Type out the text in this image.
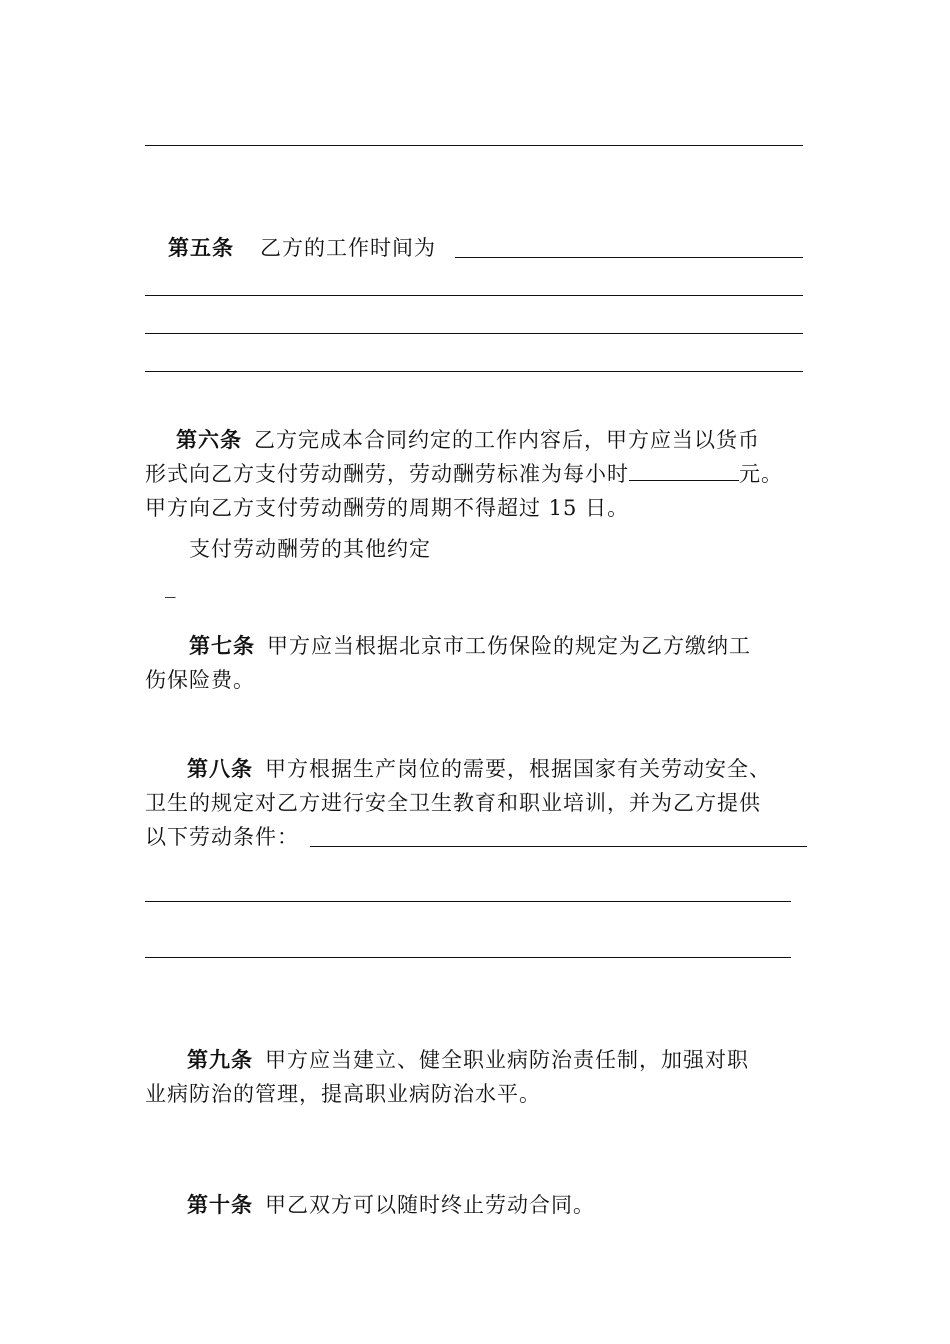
第五条 乙方的工作时间为
第六条 乙方完成本合同约定的工作内容后，甲方应当以货币
形式向乙方支付劳动酬劳，劳动酬劳标准为每小时	元。
甲方向乙方支付劳动酬劳的周期不得超过 15 日。
支付劳动酬劳的其他约定
_
第七条 甲方应当根据北京市工伤保险的规定为乙方缴纳工
伤保险费。
第八条 甲方根据生产岗位的需要，根据国家有关劳动安全、
卫生的规定对乙方进行安全卫生教育和职业培训，并为乙方提供
以下劳动条件：
第九条 甲方应当建立、健全职业病防治责任制，加强对职
业病防治的管理，提高职业病防治水平。
第十条 甲乙双方可以随时终止劳动合同。
